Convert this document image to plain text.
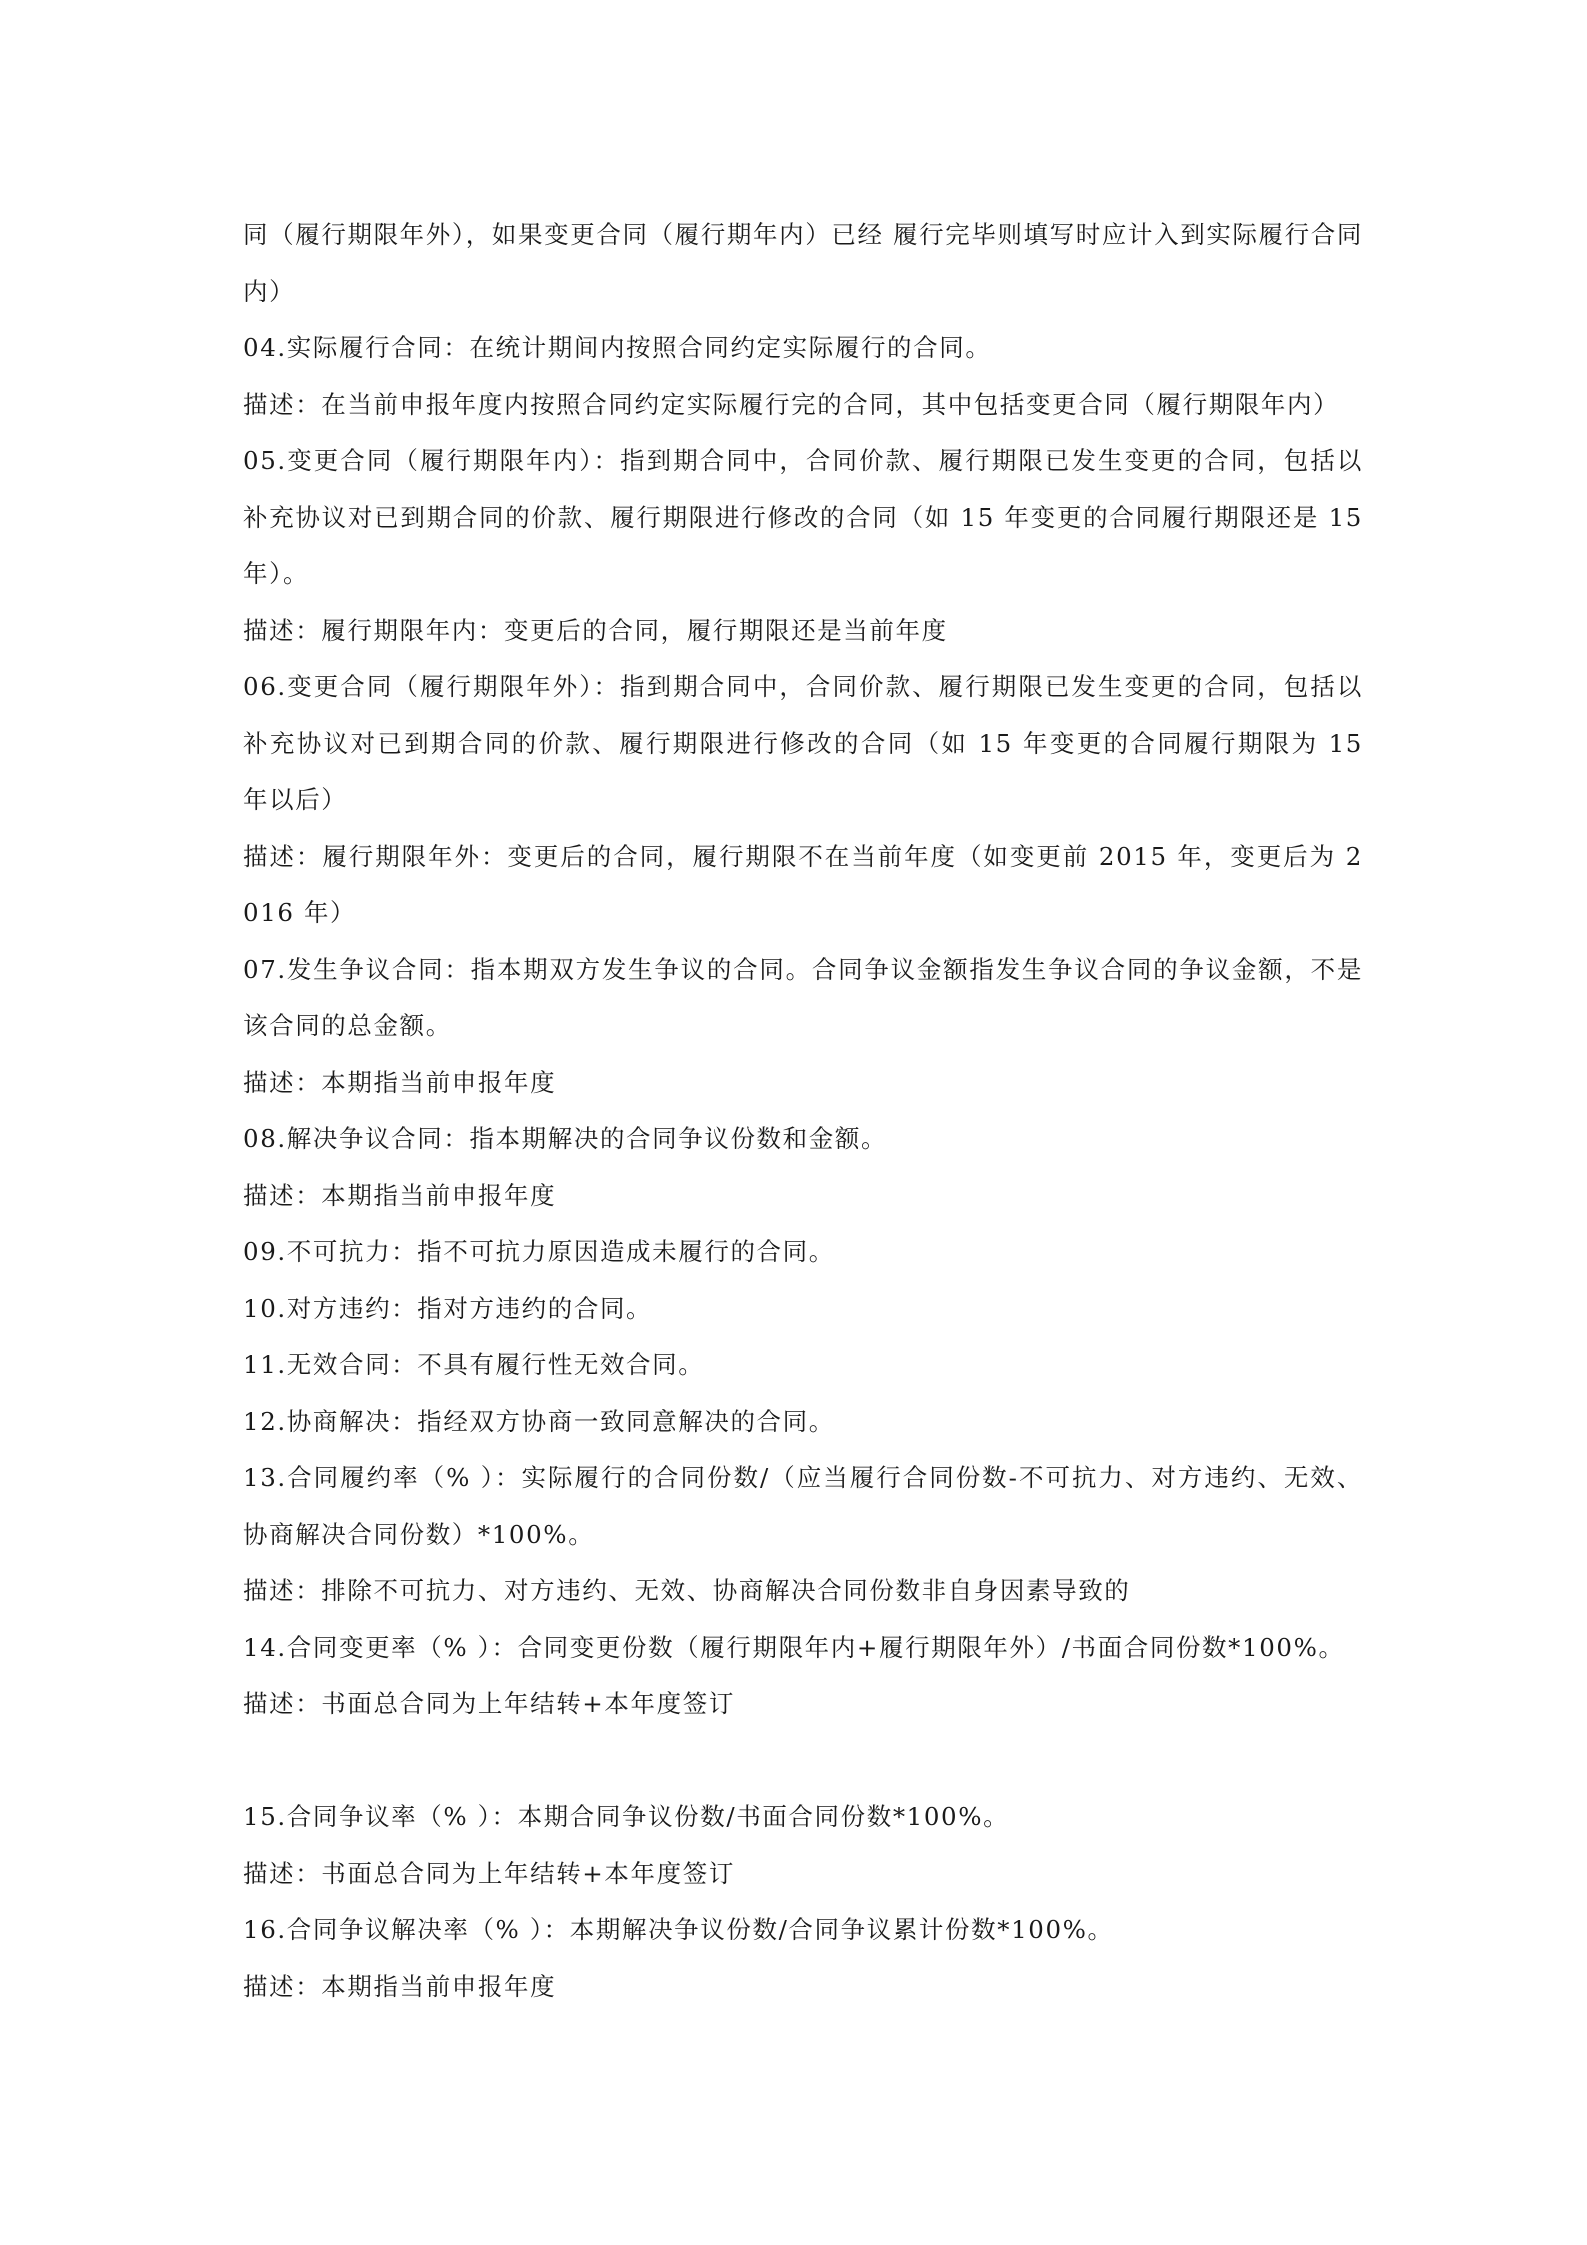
同（履行期限年外），如果变更合同（履行期年内）已经 履行完毕则填写时应计入到实际履行合同内）

04.实际履行合同：在统计期间内按照合同约定实际履行的合同。

描述：在当前申报年度内按照合同约定实际履行完的合同，其中包括变更合同（履行期限年内）

05.变更合同（履行期限年内）：指到期合同中，合同价款、履行期限已发生变更的合同，包括以补充协议对已到期合同的价款、履行期限进行修改的合同（如 15 年变更的合同履行期限还是 15 年）。

描述：履行期限年内：变更后的合同，履行期限还是当前年度

06.变更合同（履行期限年外）：指到期合同中，合同价款、履行期限已发生变更的合同，包括以补充协议对已到期合同的价款、履行期限进行修改的合同（如 15 年变更的合同履行期限为 15 年以后）

描述：履行期限年外：变更后的合同，履行期限不在当前年度（如变更前 2015 年，变更后为 2016 年）

07.发生争议合同：指本期双方发生争议的合同。合同争议金额指发生争议合同的争议金额，不是该合同的总金额。

描述：本期指当前申报年度

08.解决争议合同：指本期解决的合同争议份数和金额。

描述：本期指当前申报年度

09.不可抗力：指不可抗力原因造成未履行的合同。

10.对方违约：指对方违约的合同。

11.无效合同：不具有履行性无效合同。

12.协商解决：指经双方协商一致同意解决的合同。

13.合同履约率（% ）：实际履行的合同份数/（应当履行合同份数-不可抗力、对方违约、无效、协商解决合同份数）*100%。

描述：排除不可抗力、对方违约、无效、协商解决合同份数非自身因素导致的

14.合同变更率（% ）：合同变更份数（履行期限年内+履行期限年外）/书面合同份数*100%。

描述：书面总合同为上年结转+本年度签订

15.合同争议率（% ）：本期合同争议份数/书面合同份数*100%。

描述：书面总合同为上年结转+本年度签订

16.合同争议解决率（% ）：本期解决争议份数/合同争议累计份数*100%。

描述：本期指当前申报年度
